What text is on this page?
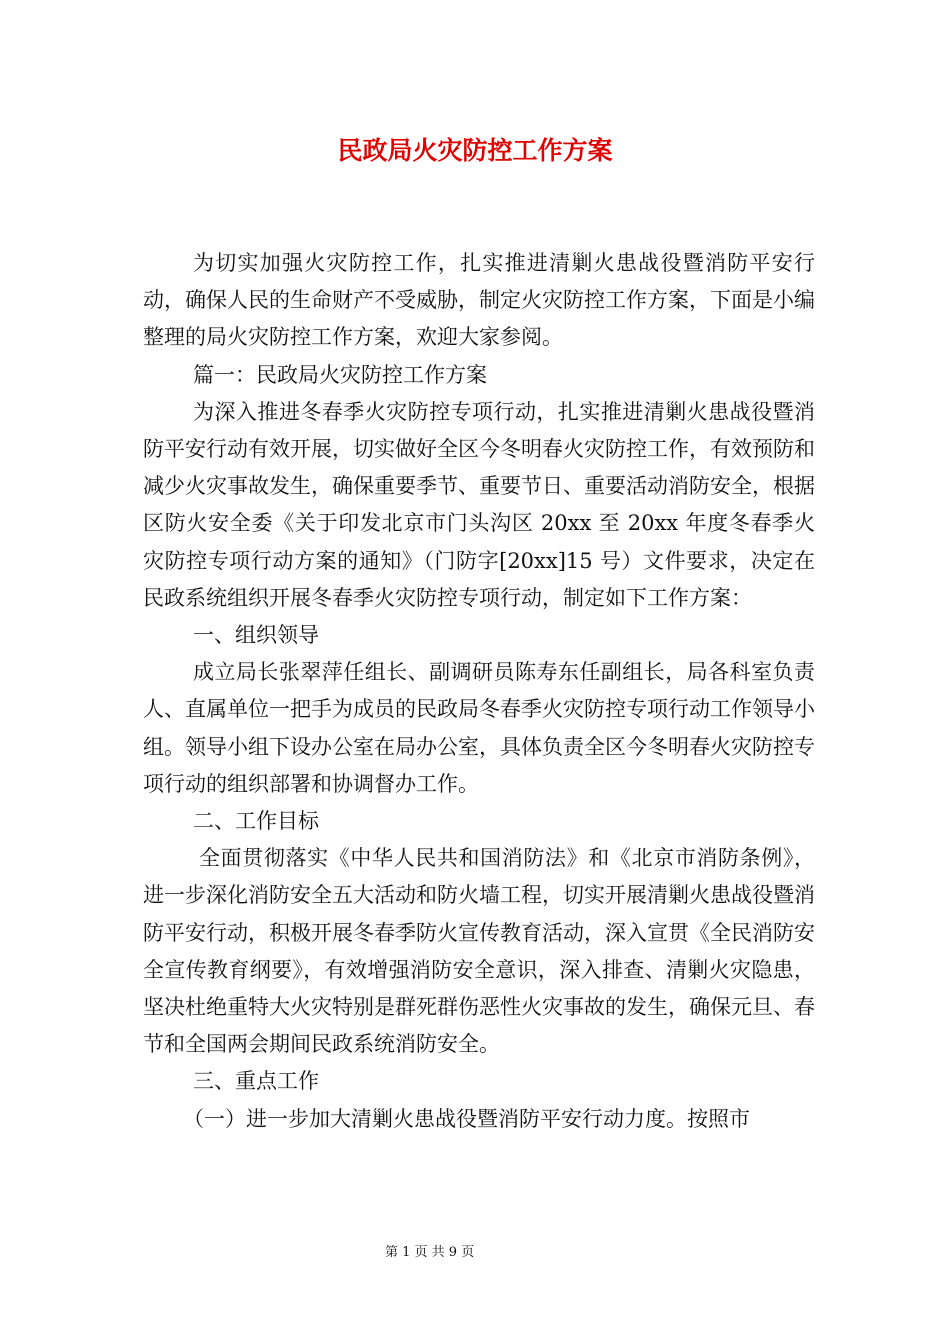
民政局火灾防控工作方案

为切实加强火灾防控工作，扎实推进清剿火患战役暨消防平安行动，确保人民的生命财产不受威胁，制定火灾防控工作方案，下面是小编整理的局火灾防控工作方案，欢迎大家参阅。

篇一：民政局火灾防控工作方案

为深入推进冬春季火灾防控专项行动，扎实推进清剿火患战役暨消防平安行动有效开展，切实做好全区今冬明春火灾防控工作，有效预防和减少火灾事故发生，确保重要季节、重要节日、重要活动消防安全，根据区防火安全委《关于印发北京市门头沟区 20xx 至 20xx 年度冬春季火灾防控专项行动方案的通知》（门防字[20xx]15 号）文件要求，决定在民政系统组织开展冬春季火灾防控专项行动，制定如下工作方案：

一、组织领导

成立局长张翠萍任组长、副调研员陈寿东任副组长，局各科室负责人、直属单位一把手为成员的民政局冬春季火灾防控专项行动工作领导小组。领导小组下设办公室在局办公室，具体负责全区今冬明春火灾防控专项行动的组织部署和协调督办工作。

二、工作目标

全面贯彻落实《中华人民共和国消防法》和《北京市消防条例》，进一步深化消防安全五大活动和防火墙工程，切实开展清剿火患战役暨消防平安行动，积极开展冬春季防火宣传教育活动，深入宣贯《全民消防安全宣传教育纲要》，有效增强消防安全意识，深入排查、清剿火灾隐患，坚决杜绝重特大火灾特别是群死群伤恶性火灾事故的发生，确保元旦、春节和全国两会期间民政系统消防安全。

三、重点工作

（一）进一步加大清剿火患战役暨消防平安行动力度。按照市

第 1 页 共 9 页
